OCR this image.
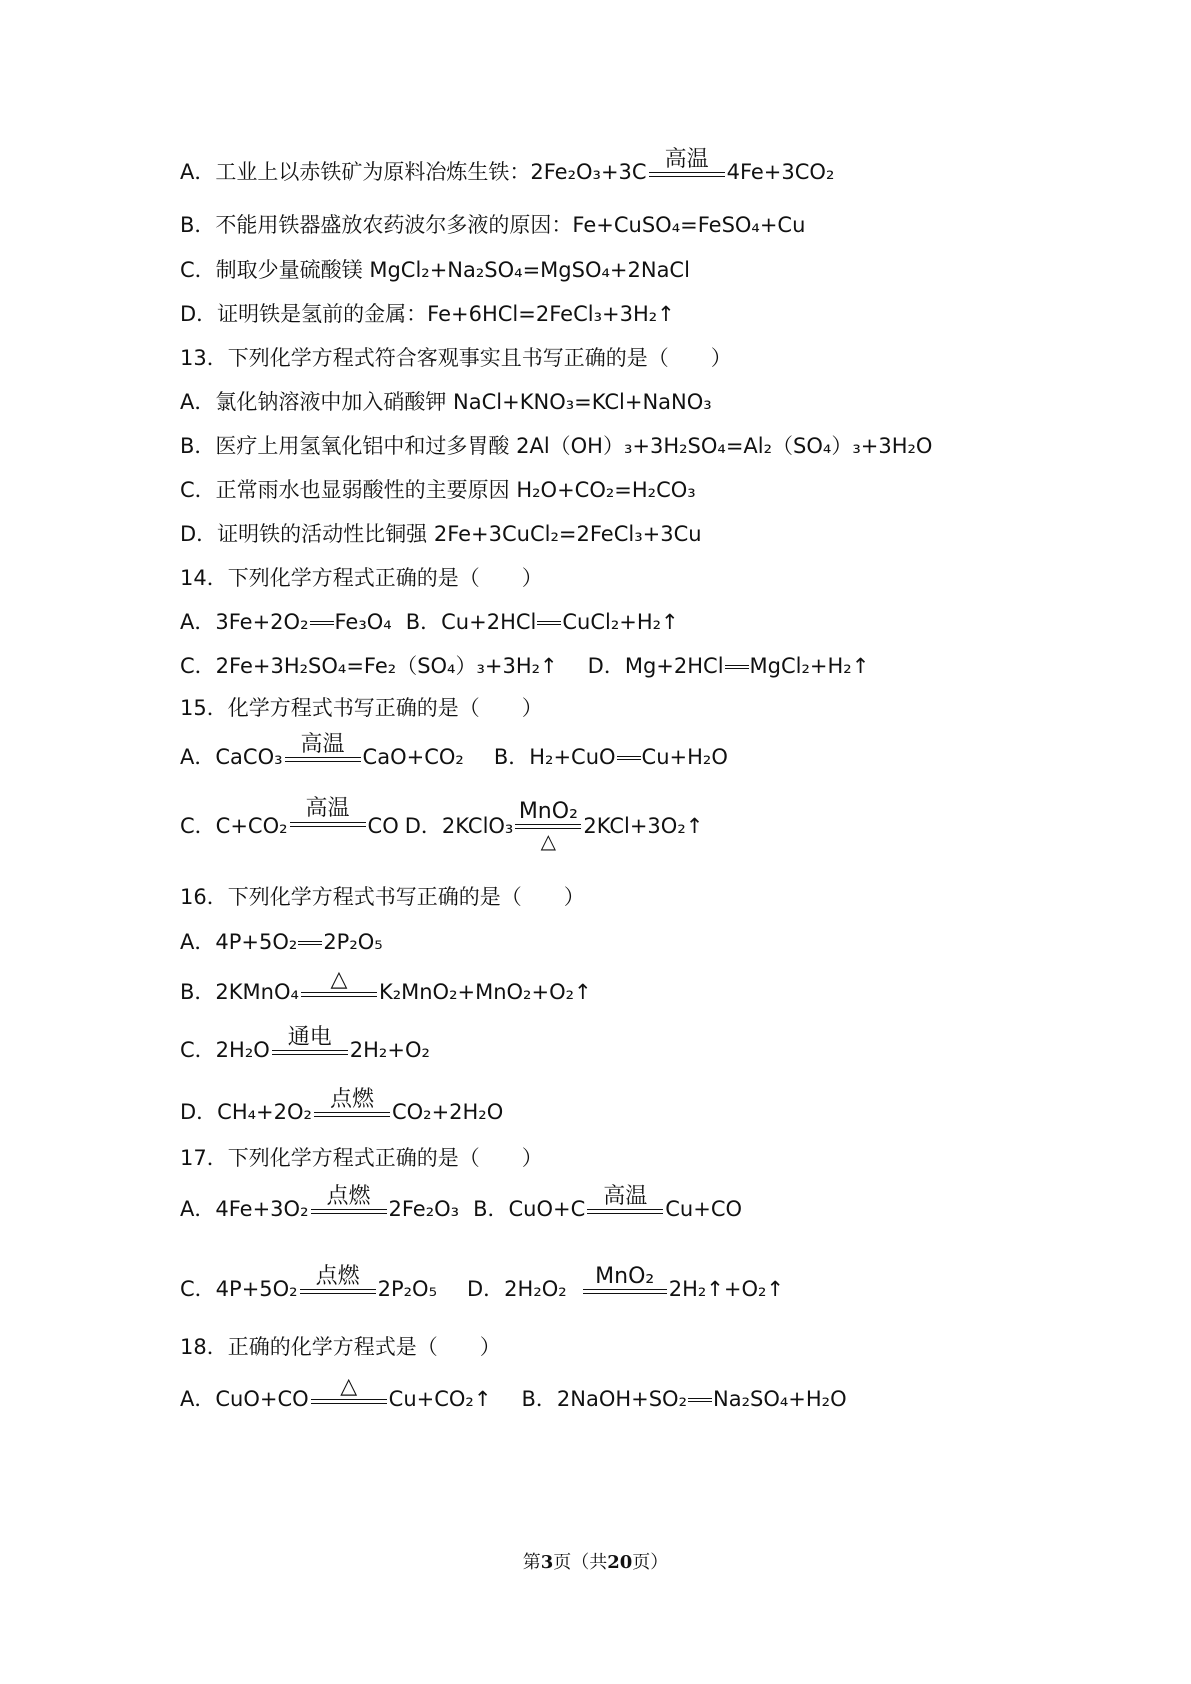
A． 工业上以赤铁矿为原料冶炼生铁：2Fe₂O₃+3C
高温
4Fe+3CO₂
B． 不能用铁器盛放农药波尔多液的原因：Fe+CuSO₄=FeSO₄+Cu
C． 制取少量硫酸镁 MgCl₂+Na₂SO₄=MgSO₄+2NaCl
D． 证明铁是氢前的金属：Fe+6HCl=2FeCl₃+3H₂↑
13．下列化学方程式符合客观事实且书写正确的是（　　）
A． 氯化钠溶液中加入硝酸钾 NaCl+KNO₃=KCl+NaNO₃
B． 医疗上用氢氧化铝中和过多胃酸 2Al（OH）₃+3H₂SO₄=Al₂（SO₄）₃+3H₂O
C． 正常雨水也显弱酸性的主要原因 H₂O+CO₂=H₂CO₃
D． 证明铁的活动性比铜强 2Fe+3CuCl₂=2FeCl₃+3Cu
14．下列化学方程式正确的是（　　）
A． 3Fe+2O₂ Fe₃O₄ B． Cu+2HCl CuCl₂+H₂↑
C． 2Fe+3H₂SO₄=Fe₂（SO₄）₃+3H₂↑ D． Mg+2HCl MgCl₂+H₂↑
15．化学方程式书写正确的是（　　）
A． CaCO₃
高温
CaO+CO₂ B． H₂+CuO Cu+H₂O
C． C+CO₂
高温
CO D． 2KClO₃
MnO₂
△
2KCl+3O₂↑
16．下列化学方程式书写正确的是（　　）
A． 4P+5O₂ 2P₂O₅
B． 2KMnO₄
△
K₂MnO₂+MnO₂+O₂↑
C． 2H₂O
通电
2H₂+O₂
D． CH₄+2O₂
点燃
CO₂+2H₂O
17．下列化学方程式正确的是（　　）
A． 4Fe+3O₂
点燃
2Fe₂O₃ B． CuO+C
高温
Cu+CO
C． 4P+5O₂
点燃
2P₂O₅ D． 2H₂O₂
MnO₂
2H₂↑+O₂↑
18．正确的化学方程式是（　　）
A． CuO+CO
△
Cu+CO₂↑ B． 2NaOH+SO₂ Na₂SO₄+H₂O
第3页（共20页）
